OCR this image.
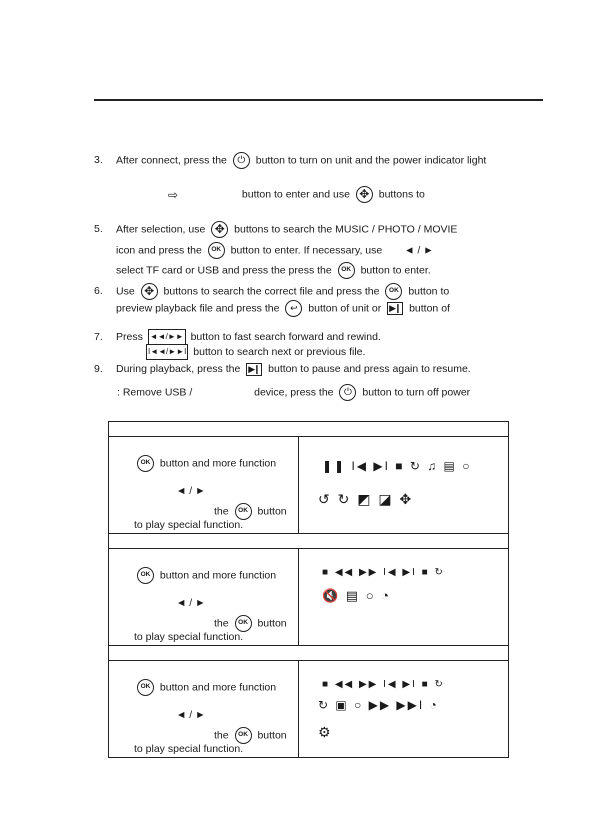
3. After connect, press the ⏻	button to turn on unit and the power indicator light
⇨	button to enter and use ✥	buttons to
5. After selection, use ✥	buttons to search the MUSIC / PHOTO / MOVIE
icon and press the OK button to enter. If necessary, use ◄ / ►
select TF card or USB and press the press the OK button to enter.
6. Use ✥	buttons to search the correct file and press the OK button to
preview playback file and press the ↩ button of unit or ▶❙	button of
7. Press ◄◄/►► button to fast search forward and rewind.
I◄◄/►►I button to search next or previous file.
9. During playback, press the ▶❙	button to pause and press again to resume.
: Remove USB /	device, press the ⏻	button to turn off power
OK button and more function
◄ / ►
the OK button
to play special function.
❚❚ I◀ ▶I ■ ↻ ♫ ▤ ○
↺ ↻ ◩ ◪ ✥
OK button and more function
◄ / ►
the OK button
to play special function.
■ ◀◀ ▶▶ I◀ ▶I ■ ↻
🔇 ▤ ○ ◔
OK button and more function
◄ / ►
the OK button
to play special function.
■ ◀◀ ▶▶ I◀ ▶I ■ ↻
↻ ▣ ○ ▶▶ ▶▶I ◔
⚙
